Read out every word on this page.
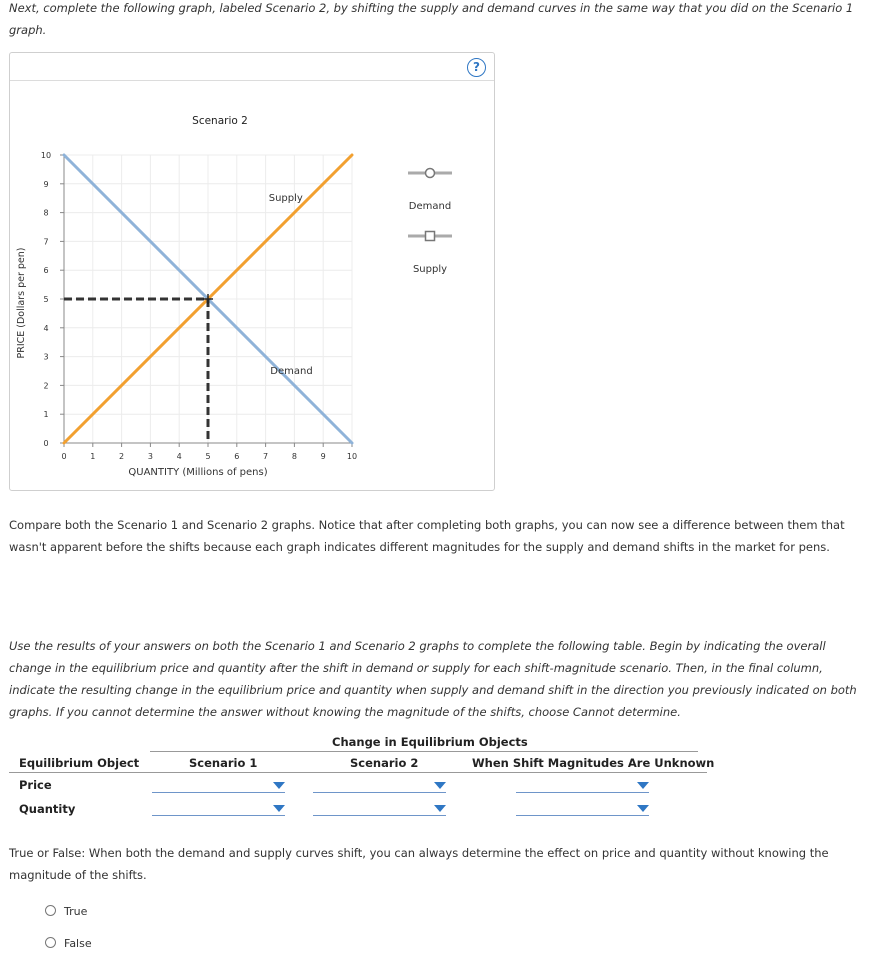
Next, complete the following graph, labeled Scenario 2, by shifting the supply and demand curves in the same way that you did on the Scenario 1 graph.
?
0	1	2	3	4	5	6	7	8	9	10
0
1
2
3
4
5
6
7
8
9
10
QUANTITY (Millions of pens)
PRICE (Dollars per pen)
Scenario 2
Supply
Demand
Demand
Supply
Compare both the Scenario 1 and Scenario 2 graphs. Notice that after completing both graphs, you can now see a difference between them that wasn't apparent before the shifts because each graph indicates different magnitudes for the supply and demand shifts in the market for pens.
Use the results of your answers on both the Scenario 1 and Scenario 2 graphs to complete the following table. Begin by indicating the overall change in the equilibrium price and quantity after the shift in demand or supply for each shift-magnitude scenario. Then, in the final column, indicate the resulting change in the equilibrium price and quantity when supply and demand shift in the direction you previously indicated on both graphs. If you cannot determine the answer without knowing the magnitude of the shifts, choose Cannot determine.
Change in Equilibrium Objects
Equilibrium Object	Scenario 1	Scenario 2	When Shift Magnitudes Are Unknown
Price
Quantity
True or False: When both the demand and supply curves shift, you can always determine the effect on price and quantity without knowing the magnitude of the shifts.
True
False
